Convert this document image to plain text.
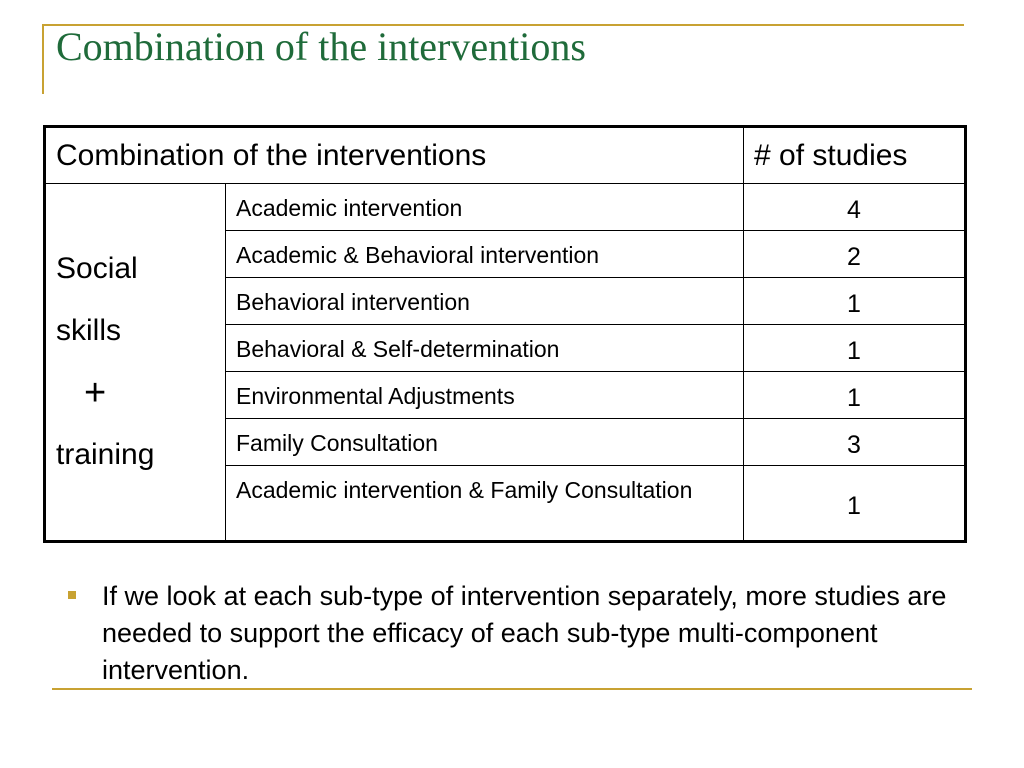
Combination of the interventions
Combination of the interventions		# of studies

Social
skills
+
training	Academic intervention	4
	Academic & Behavioral intervention	2
	Behavioral intervention	1
	Behavioral & Self-determination	1
	Environmental Adjustments	1
	Family Consultation	3
	Academic intervention & Family Consultation	1

If we look at each sub-type of intervention separately, more studies are needed to support the efficacy of each sub-type multi-component intervention.
